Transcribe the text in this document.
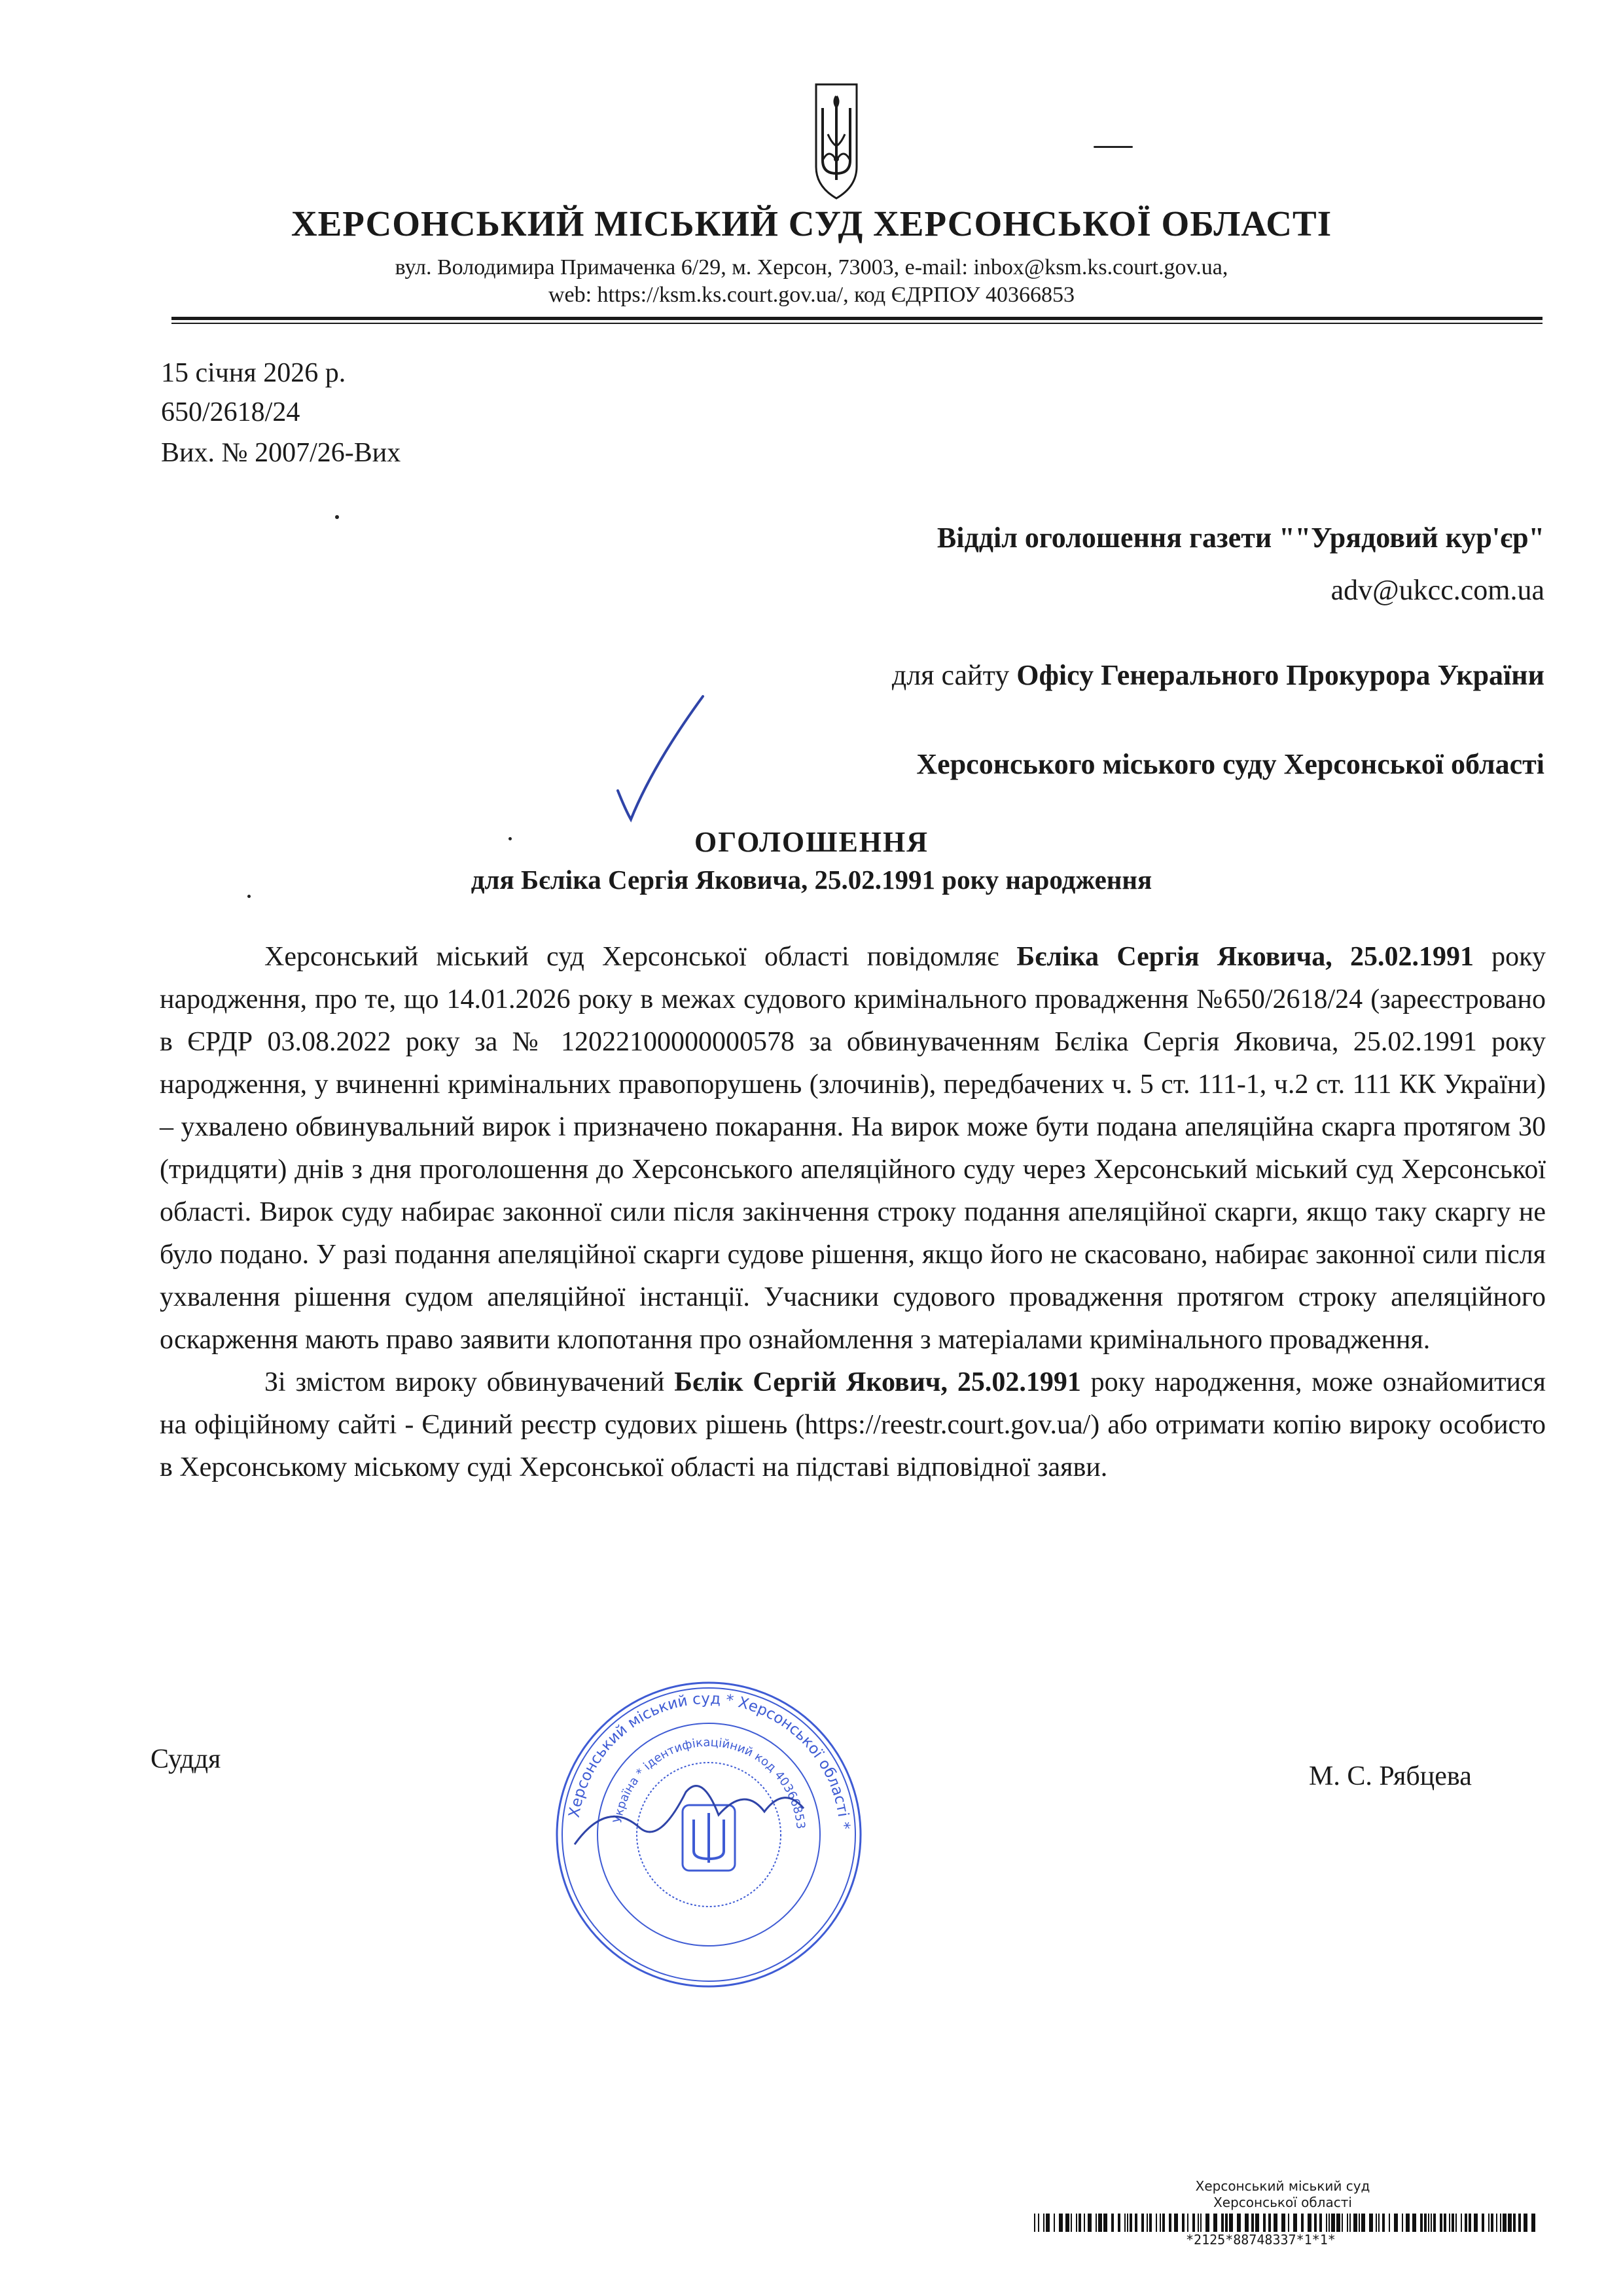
ХЕРСОНСЬКИЙ МІСЬКИЙ СУД ХЕРСОНСЬКОЇ ОБЛАСТІ
вул. Володимира Примаченка 6/29, м. Херсон, 73003, e-mail: inbox@ksm.ks.court.gov.ua,
web: https://ksm.ks.court.gov.ua/, код ЄДРПОУ 40366853
15 січня 2026 р.
650/2618/24
Вих. № 2007/26-Вих
Відділ оголошення газети ""Урядовий кур'єр"
adv@ukcc.com.ua
для сайту Офісу Генерального Прокурора України
Херсонського міського суду Херсонської області
ОГОЛОШЕННЯ
для Бєліка Сергія Яковича, 25.02.1991 року народження

Херсонський міський суд Херсонської області повідомляє Бєліка Сергія Яковича, 25.02.1991 року народження, про те, що 14.01.2026 року в межах судового кримінального провадження №650/2618/24 (зареєстровано в ЄРДР 03.08.2022 року за № 12022100000000578 за обвинуваченням Бєліка Сергія Яковича, 25.02.1991 року народження, у вчиненні кримінальних правопорушень (злочинів), передбачених ч. 5 ст. 111-1, ч.2 ст. 111 КК України) – ухвалено обвинувальний вирок і призначено покарання. На вирок може бути подана апеляційна скарга протягом 30 (тридцяти) днів з дня проголошення до Херсонського апеляційного суду через Херсонський міський суд Херсонської області. Вирок суду набирає законної сили після закінчення строку подання апеляційної скарги, якщо таку скаргу не було подано. У разі подання апеляційної скарги судове рішення, якщо його не скасовано, набирає законної сили після ухвалення рішення судом апеляційної інстанції. Учасники судового провадження протягом строку апеляційного оскарження мають право заявити клопотання про ознайомлення з матеріалами кримінального провадження.

Зі змістом вироку обвинувачений Бєлік Сергій Якович, 25.02.1991 року народження, може ознайомитися на офіційному сайті - Єдиний реєстр судових рішень (https://reestr.court.gov.ua/) або отримати копію вироку особисто в Херсонському міському суді Херсонської області на підставі відповідної заяви.

Суддя
М. С. Рябцева
Херсонський міський суд * Херсонської області *
Україна * ідентифікаційний код 40366853
Херсонський міський суд
Херсонської області
*2125*88748337*1*1*
